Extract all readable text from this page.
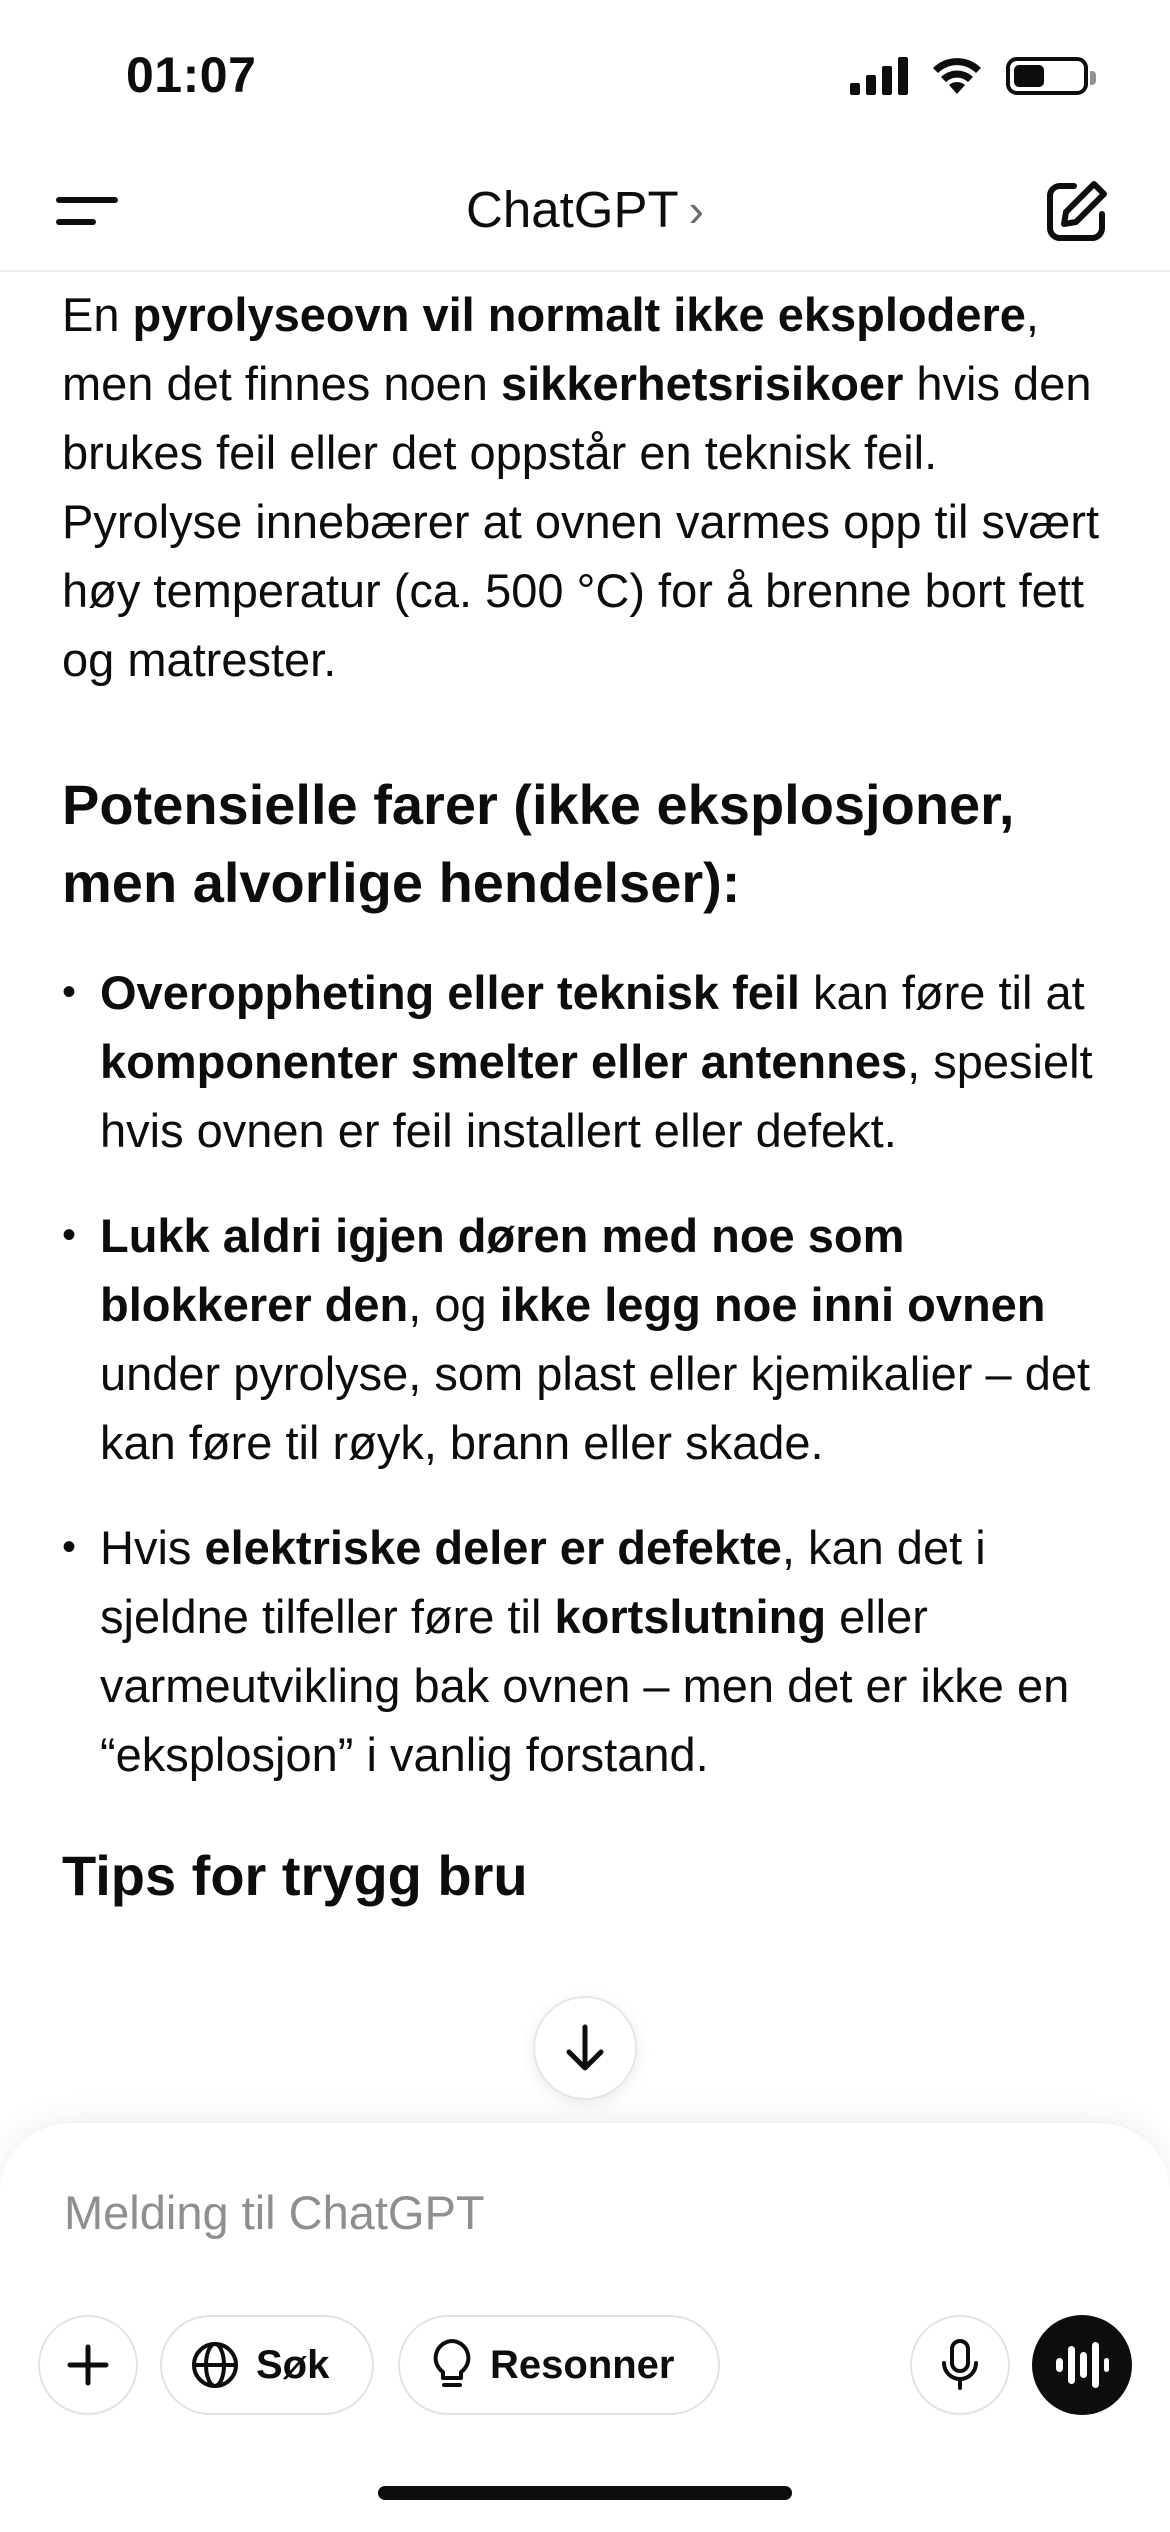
01:07
ChatGPT ›

En pyrolyseovn vil normalt ikke eksplodere, men det finnes noen sikkerhetsrisikoer hvis den brukes feil eller det oppstår en teknisk feil. Pyrolyse innebærer at ovnen varmes opp til svært høy temperatur (ca. 500 °C) for å brenne bort fett og matrester.

Potensielle farer (ikke eksplosjoner, men alvorlige hendelser):
• Overoppheting eller teknisk feil kan føre til at komponenter smelter eller antennes, spesielt hvis ovnen er feil installert eller defekt.
• Lukk aldri igjen døren med noe som blokkerer den, og ikke legg noe inni ovnen under pyrolyse, som plast eller kjemikalier – det kan føre til røyk, brann eller skade.
• Hvis elektriske deler er defekte, kan det i sjeldne tilfeller føre til kortslutning eller varmeutvikling bak ovnen – men det er ikke en “eksplosjon” i vanlig forstand.
Tips for trygg bru
Melding til ChatGPT
Søk	Resonner
